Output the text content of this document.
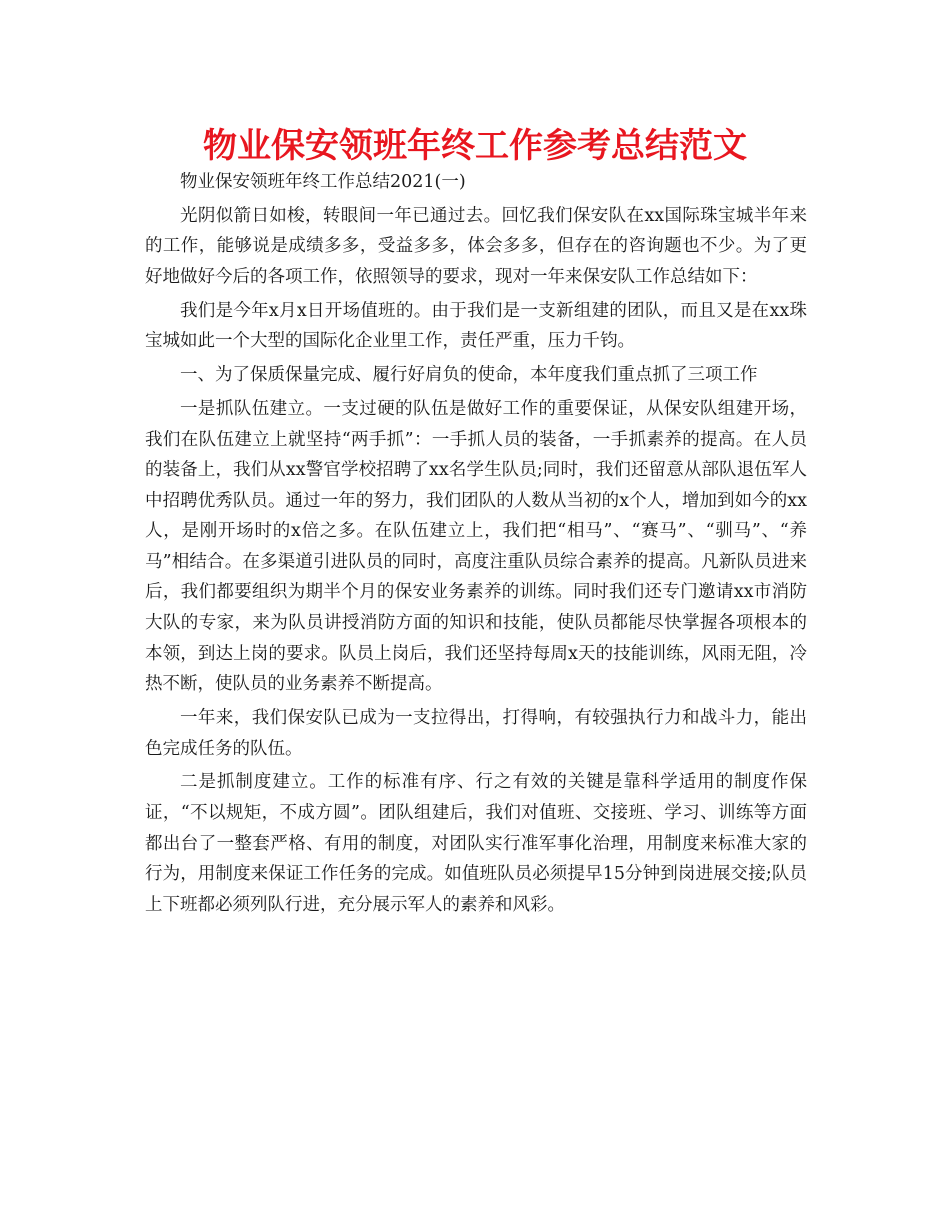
物业保安领班年终工作参考总结范文

物业保安领班年终工作总结2021(一)

光阴似箭日如梭，转眼间一年已通过去。回忆我们保安队在xx国际珠宝城半年来的工作，能够说是成绩多多，受益多多，体会多多，但存在的咨询题也不少。为了更好地做好今后的各项工作，依照领导的要求，现对一年来保安队工作总结如下：

我们是今年x月x日开场值班的。由于我们是一支新组建的团队，而且又是在xx珠宝城如此一个大型的国际化企业里工作，责任严重，压力千钧。

一、为了保质保量完成、履行好肩负的使命，本年度我们重点抓了三项工作

一是抓队伍建立。一支过硬的队伍是做好工作的重要保证，从保安队组建开场，我们在队伍建立上就坚持“两手抓”：一手抓人员的装备，一手抓素养的提高。在人员的装备上，我们从xx警官学校招聘了xx名学生队员;同时，我们还留意从部队退伍军人中招聘优秀队员。通过一年的努力，我们团队的人数从当初的x个人，增加到如今的xx人，是刚开场时的x倍之多。在队伍建立上，我们把“相马”、“赛马”、“驯马”、“养马”相结合。在多渠道引进队员的同时，高度注重队员综合素养的提高。凡新队员进来后，我们都要组织为期半个月的保安业务素养的训练。同时我们还专门邀请xx市消防大队的专家，来为队员讲授消防方面的知识和技能，使队员都能尽快掌握各项根本的本领，到达上岗的要求。队员上岗后，我们还坚持每周x天的技能训练，风雨无阻，冷热不断，使队员的业务素养不断提高。

一年来，我们保安队已成为一支拉得出，打得响，有较强执行力和战斗力，能出色完成任务的队伍。

二是抓制度建立。工作的标准有序、行之有效的关键是靠科学适用的制度作保证，“不以规矩，不成方圆”。团队组建后，我们对值班、交接班、学习、训练等方面都出台了一整套严格、有用的制度，对团队实行准军事化治理，用制度来标准大家的行为，用制度来保证工作任务的完成。如值班队员必须提早15分钟到岗进展交接;队员上下班都必须列队行进，充分展示军人的素养和风彩。
